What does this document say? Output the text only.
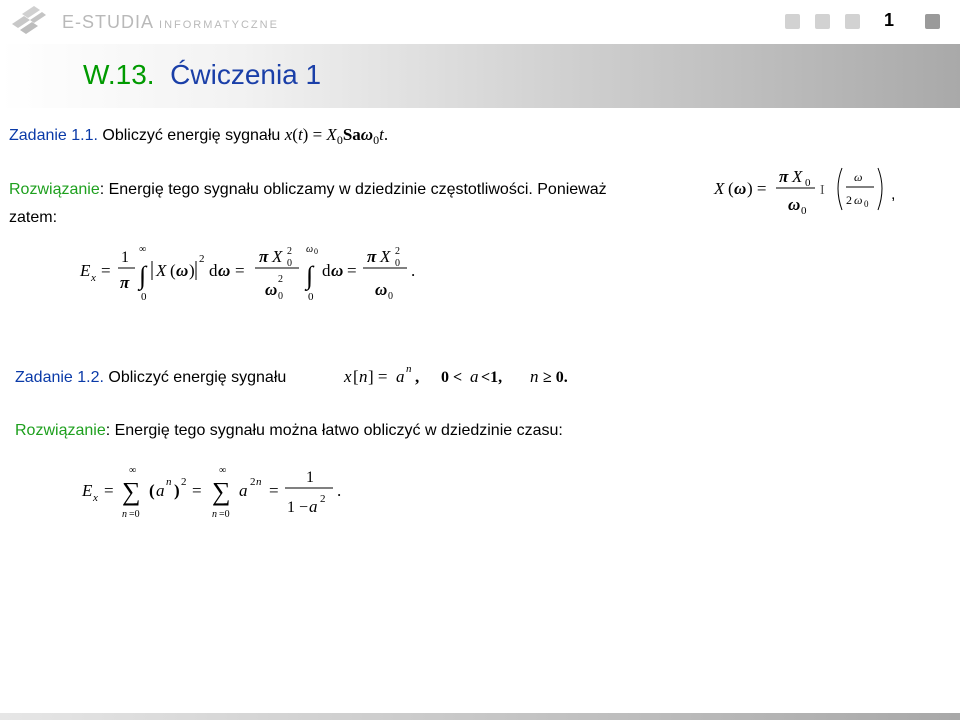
E-STUDIA INFORMATYCZNE	1
W.13. Ćwiczenia 1
Zadanie 1.1. Obliczyć energię sygnału $x(t) = X_0Sa\omega_0t$.
Rozwiązanie: Energię tego sygnału obliczamy w dziedzinie częstotliwości. Ponieważ	X ( ω ) =
π X 0
ω 0
I
ω
2 ω 0
,
zatem:
E x =
1
π
∞
∫
0
X ( ω )
2
d ω =
π X 2
0
ω
2
0
ω 0
∫
0
d ω =
π X 2
0
ω 0
.
Zadanie 1.2. Obliczyć energię sygnału	x [ n ] = a n , 0 < a <1, n ≥ 0.
Rozwiązanie: Energię tego sygnału można łatwo obliczyć w dziedzinie czasu:
E x =
∞
∑
n =0
( a n ) 2 =
∞
∑
n =0
a 2 n =
1
1 − a 2 .
